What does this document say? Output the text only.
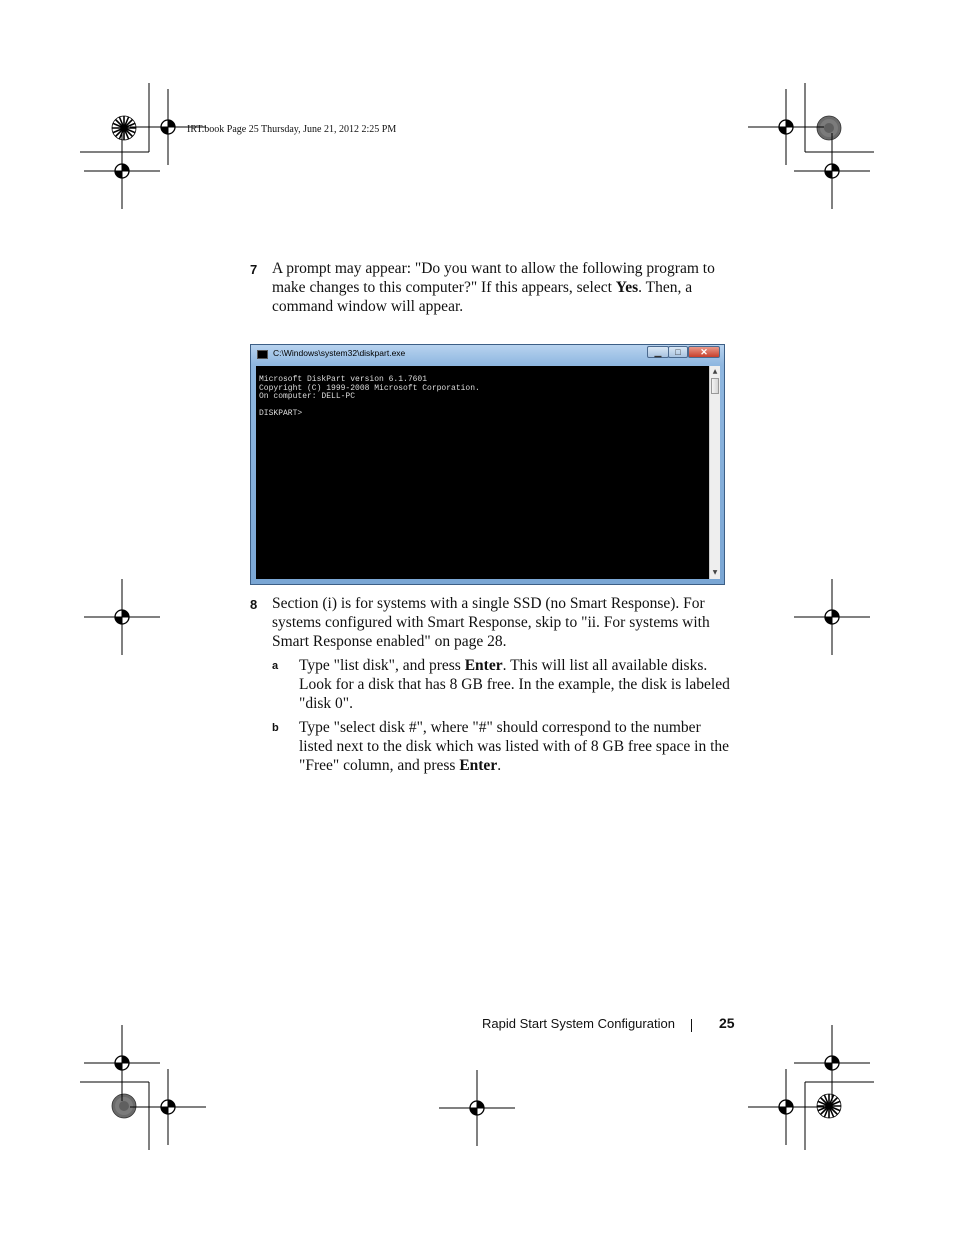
IRT.book Page 25 Thursday, June 21, 2012 2:25 PM
7 A prompt may appear: "Do you want to allow the following program to make changes to this computer?" If this appears, select Yes. Then, a command window will appear.
C:\Windows\system32\diskpart.exe	▁	□	✕
Microsoft DiskPart version 6.1.7601
Copyright (C) 1999-2008 Microsoft Corporation.
On computer: DELL-PC
DISKPART>
▲
▼
8 Section (i) is for systems with a single SSD (no Smart Response). For systems configured with Smart Response, skip to "ii. For systems with Smart Response enabled" on page 28.
a Type "list disk", and press Enter. This will list all available disks. Look for a disk that has 8 GB free. In the example, the disk is labeled "disk 0".
b Type "select disk #", where "#" should correspond to the number listed next to the disk which was listed with of 8 GB free space in the "Free" column, and press Enter.
Rapid Start System Configuration	25
